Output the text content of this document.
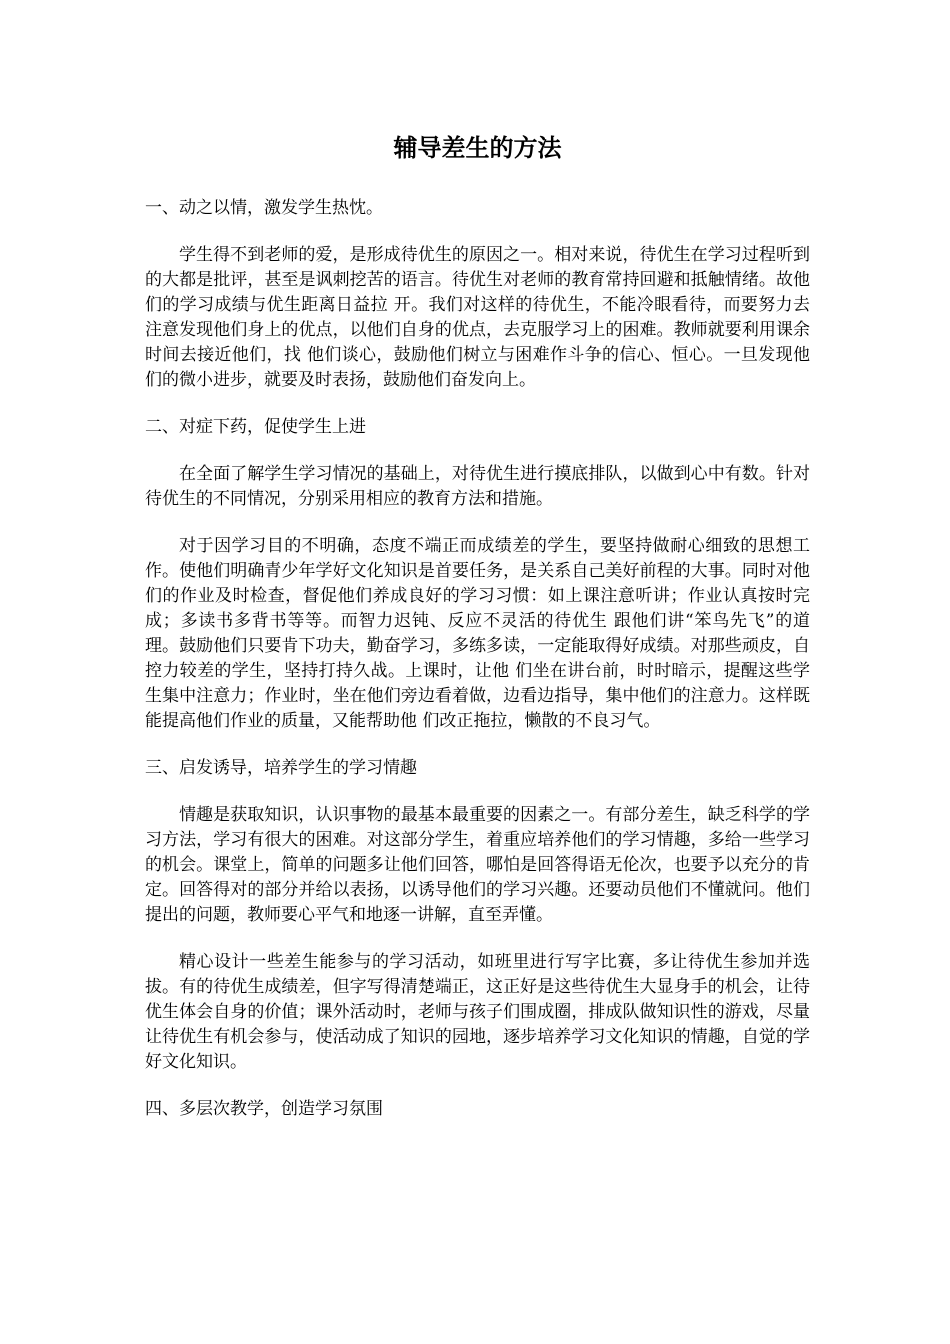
辅导差生的方法
一、动之以情，激发学生热忱。

学生得不到老师的爱，是形成待优生的原因之一。相对来说，待优生在学习过程听到的大都是批评，甚至是讽刺挖苦的语言。待优生对老师的教育常持回避和抵触情绪。故他们的学习成绩与优生距离日益拉 开。我们对这样的待优生，不能冷眼看待，而要努力去注意发现他们身上的优点，以他们自身的优点，去克服学习上的困难。教师就要利用课余时间去接近他们，找 他们谈心，鼓励他们树立与困难作斗争的信心、恒心。一旦发现他们的微小进步，就要及时表扬，鼓励他们奋发向上。

二、对症下药，促使学生上进

在全面了解学生学习情况的基础上，对待优生进行摸底排队，以做到心中有数。针对待优生的不同情况，分别采用相应的教育方法和措施。

对于因学习目的不明确，态度不端正而成绩差的学生，要坚持做耐心细致的思想工作。使他们明确青少年学好文化知识是首要任务，是关系自己美好前程的大事。同时对他们的作业及时检查，督促他们养成良好的学习习惯：如上课注意听讲；作业认真按时完成；多读书多背书等等。而智力迟钝、反应不灵活的待优生 跟他们讲“笨鸟先飞”的道理。鼓励他们只要肯下功夫，勤奋学习，多练多读，一定能取得好成绩。对那些顽皮，自控力较差的学生，坚持打持久战。上课时，让他 们坐在讲台前，时时暗示，提醒这些学生集中注意力；作业时，坐在他们旁边看着做，边看边指导，集中他们的注意力。这样既能提高他们作业的质量，又能帮助他 们改正拖拉，懒散的不良习气。

三、启发诱导，培养学生的学习情趣

情趣是获取知识，认识事物的最基本最重要的因素之一。有部分差生，缺乏科学的学习方法，学习有很大的困难。对这部分学生，着重应培养他们的学习情趣，多给一些学习的机会。课堂上，简单的问题多让他们回答，哪怕是回答得语无伦次，也要予以充分的肯定。回答得对的部分并给以表扬，以诱导他们的学习兴趣。还要动员他们不懂就问。他们提出的问题，教师要心平气和地逐一讲解，直至弄懂。

精心设计一些差生能参与的学习活动，如班里进行写字比赛，多让待优生参加并选拔。有的待优生成绩差，但字写得清楚端正，这正好是这些待优生大显身手的机会，让待优生体会自身的价值；课外活动时，老师与孩子们围成圈，排成队做知识性的游戏，尽量让待优生有机会参与，使活动成了知识的园地，逐步培养学习文化知识的情趣，自觉的学好文化知识。

四、多层次教学，创造学习氛围
